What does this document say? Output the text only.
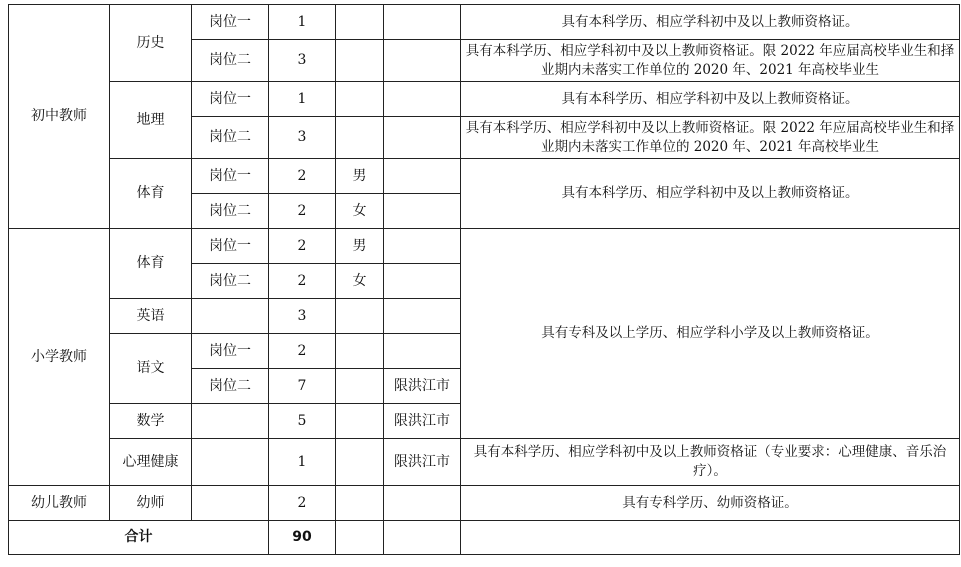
初中教师	历史	岗位一	1			具有本科学历、相应学科初中及以上教师资格证。
		岗位二	3			具有本科学历、相应学科初中及以上教师资格证。限 2022 年应届高校毕业生和择业期内未落实工作单位的 2020 年、2021 年高校毕业生
	地理	岗位一	1			具有本科学历、相应学科初中及以上教师资格证。
		岗位二	3			具有本科学历、相应学科初中及以上教师资格证。限 2022 年应届高校毕业生和择业期内未落实工作单位的 2020 年、2021 年高校毕业生
	体育	岗位一	2	男		具有本科学历、相应学科初中及以上教师资格证。
		岗位二	2	女		
小学教师	体育	岗位一	2	男		具有专科及以上学历、相应学科小学及以上教师资格证。
		岗位二	2	女		
	英语		3			
	语文	岗位一	2			
		岗位二	7		限洪江市	
	数学		5		限洪江市	
	心理健康		1		限洪江市	具有本科学历、相应学科初中及以上教师资格证（专业要求：心理健康、音乐治疗）。
幼儿教师	幼师		2			具有专科学历、幼师资格证。
合计			90			
